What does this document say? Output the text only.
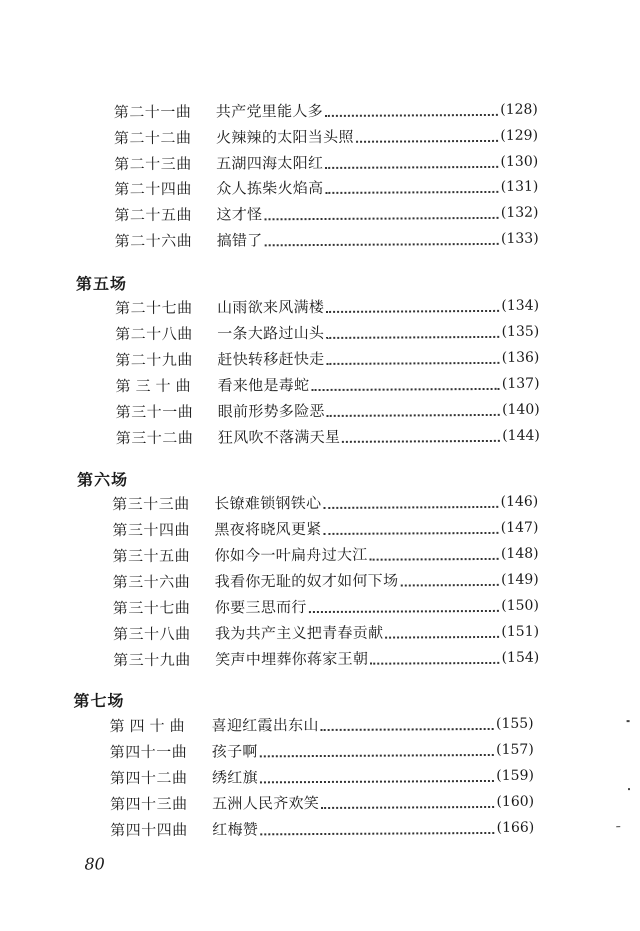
第二十一曲	共产党里能人多	(128)
第二十二曲	火辣辣的太阳当头照	(129)
第二十三曲	五湖四海太阳红	(130)
第二十四曲	众人拣柴火焰高	(131)
第二十五曲	这才怪	(132)
第二十六曲	搞错了	(133)
第五场
第二十七曲	山雨欲来风满楼	(134)
第二十八曲	一条大路过山头	(135)
第二十九曲	赶快转移赶快走	(136)
第三十曲	看来他是毒蛇	(137)
第三十一曲	眼前形势多险恶	(140)
第三十二曲	狂风吹不落满天星	(144)
第六场
第三十三曲	长镣难锁钢铁心	(146)
第三十四曲	黑夜将晓风更紧	(147)
第三十五曲	你如今一叶扁舟过大江	(148)
第三十六曲	我看你无耻的奴才如何下场	(149)
第三十七曲	你要三思而行	(150)
第三十八曲	我为共产主义把青春贡献	(151)
第三十九曲	笑声中埋葬你蒋家王朝	(154)
第七场
第四十曲	喜迎红霞出东山	(155)
第四十一曲	孩子啊	(157)
第四十二曲	绣红旗	(159)
第四十三曲	五洲人民齐欢笑	(160)
第四十四曲	红梅赞	(166)
80
